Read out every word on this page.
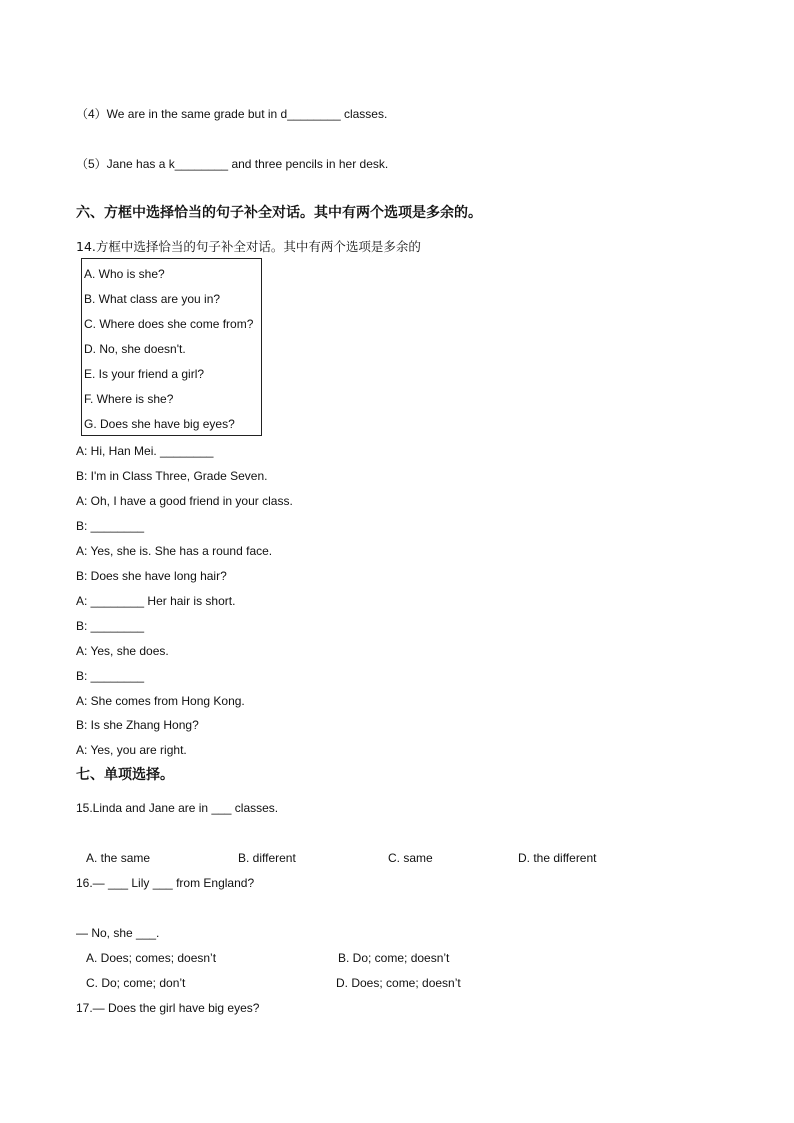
（4）We are in the same grade but in d________ classes.
（5）Jane has a k________ and three pencils in her desk.
六、方框中选择恰当的句子补全对话。其中有两个选项是多余的。
14.方框中选择恰当的句子补全对话。其中有两个选项是多余的
A. Who is she?
B. What class are you in?
C. Where does she come from?
D. No, she doesn't.
E. Is your friend a girl?
F. Where is she?
G. Does she have big eyes?
A: Hi, Han Mei. ________
B: I'm in Class Three, Grade Seven.
A: Oh, I have a good friend in your class.
B: ________
A: Yes, she is. She has a round face.
B: Does she have long hair?
A: ________ Her hair is short.
B: ________
A: Yes, she does.
B: ________
A: She comes from Hong Kong.
B: Is she Zhang Hong?
A: Yes, you are right.
七、单项选择。
15.Linda and Jane are in ___ classes.
A. the same	B. different	C. same	D. the different
16.— ___ Lily ___ from England?
— No, she ___.
A. Does; comes; doesn’t	B. Do; come; doesn’t
C. Do; come; don’t	D. Does; come; doesn’t
17.— Does the girl have big eyes?
